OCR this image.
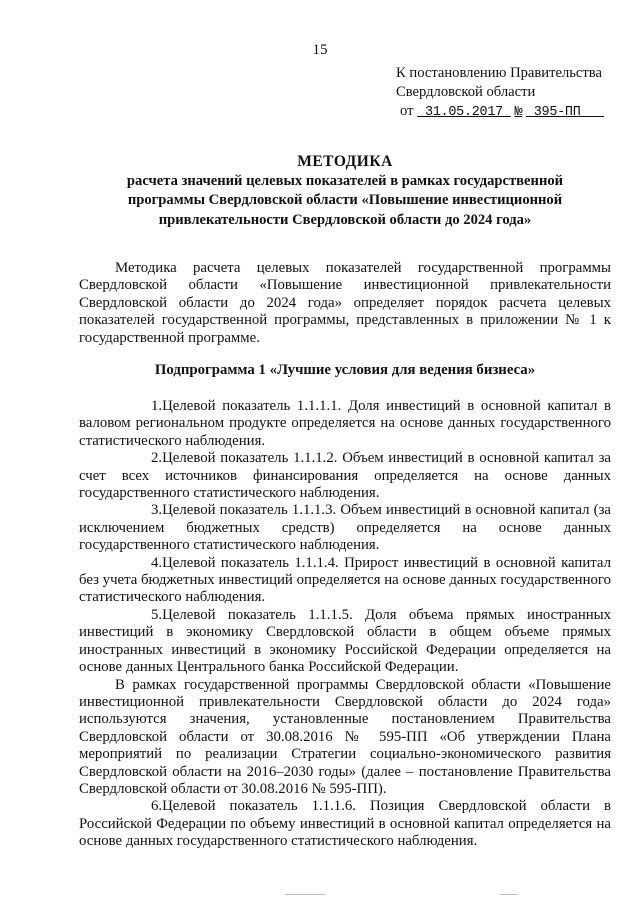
15
К постановлению Правительства
Свердловской области
от 31.05.2017 № 395-ПП
МЕТОДИКА
расчета значений целевых показателей в рамках государственной
программы Свердловской области «Повышение инвестиционной
привлекательности Свердловской области до 2024 года»

Методика расчета целевых показателей государственной программы Свердловской области «Повышение инвестиционной привлекательности Свердловской области до 2024 года» определяет порядок расчета целевых показателей государственной программы, представленных в приложении № 1 к государственной программе.

Подпрограмма 1 «Лучшие условия для ведения бизнеса»

1.Целевой показатель 1.1.1.1. Доля инвестиций в основной капитал в валовом региональном продукте определяется на основе данных государственного статистического наблюдения.

2.Целевой показатель 1.1.1.2. Объем инвестиций в основной капитал за счет всех источников финансирования определяется на основе данных государственного статистического наблюдения.

3.Целевой показатель 1.1.1.3. Объем инвестиций в основной капитал (за исключением бюджетных средств) определяется на основе данных государственного статистического наблюдения.

4.Целевой показатель 1.1.1.4. Прирост инвестиций в основной капитал без учета бюджетных инвестиций определяется на основе данных государственного статистического наблюдения.

5.Целевой показатель 1.1.1.5. Доля объема прямых иностранных инвестиций в экономику Свердловской области в общем объеме прямых иностранных инвестиций в экономику Российской Федерации определяется на основе данных Центрального банка Российской Федерации.

В рамках государственной программы Свердловской области «Повышение инвестиционной привлекательности Свердловской области до 2024 года» используются значения, установленные постановлением Правительства Свердловской области от 30.08.2016 № 595-ПП «Об утверждении Плана мероприятий по реализации Стратегии социально-экономического развития Свердловской области на 2016–2030 годы» (далее – постановление Правительства Свердловской области от 30.08.2016 № 595-ПП).

6.Целевой показатель 1.1.1.6. Позиция Свердловской области в Российской Федерации по объему инвестиций в основной капитал определяется на основе данных государственного статистического наблюдения.
